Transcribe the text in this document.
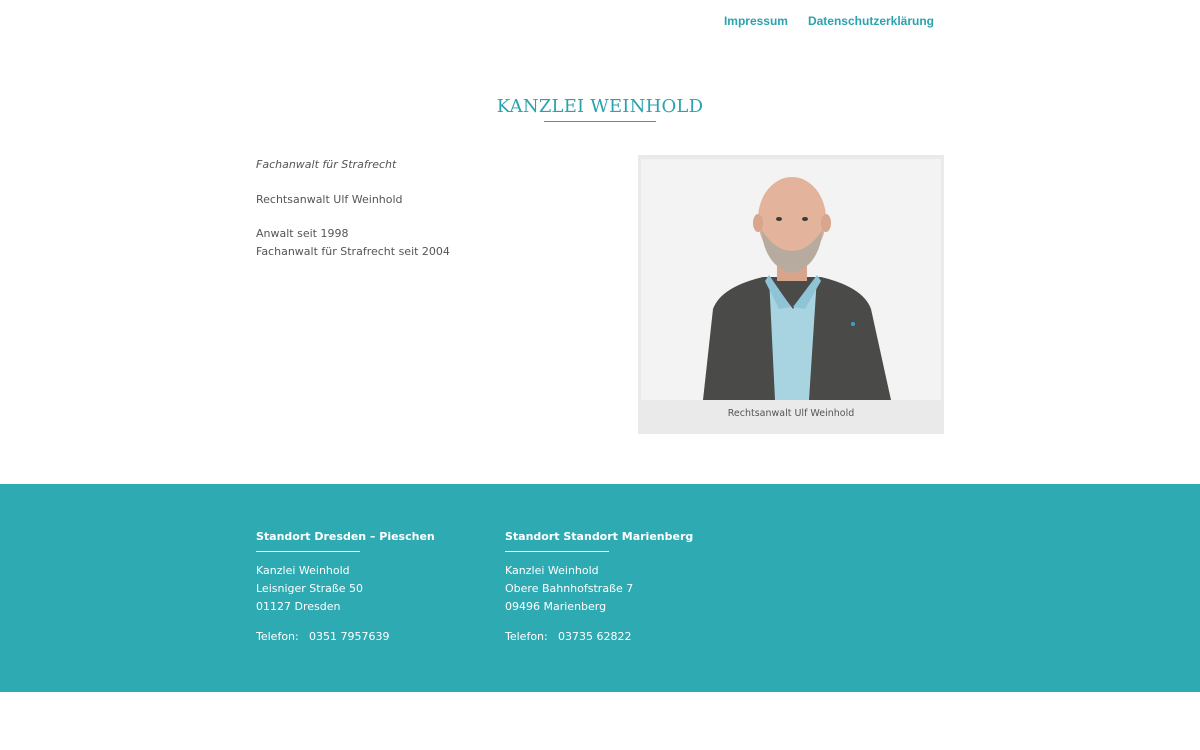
Impressum Datenschutzerklärung
KANZLEI WEINHOLD

Fachanwalt für Strafrecht

Rechtsanwalt Ulf Weinhold

Anwalt seit 1998

Fachanwalt für Strafrecht seit 2004

Rechtsanwalt Ulf Weinhold

Standort Dresden – Pieschen

Kanzlei Weinhold

Leisniger Straße 50

01127 Dresden

Telefon: 0351 7957639

Standort Standort Marienberg

Kanzlei Weinhold

Obere Bahnhofstraße 7

09496 Marienberg

Telefon: 03735 62822
